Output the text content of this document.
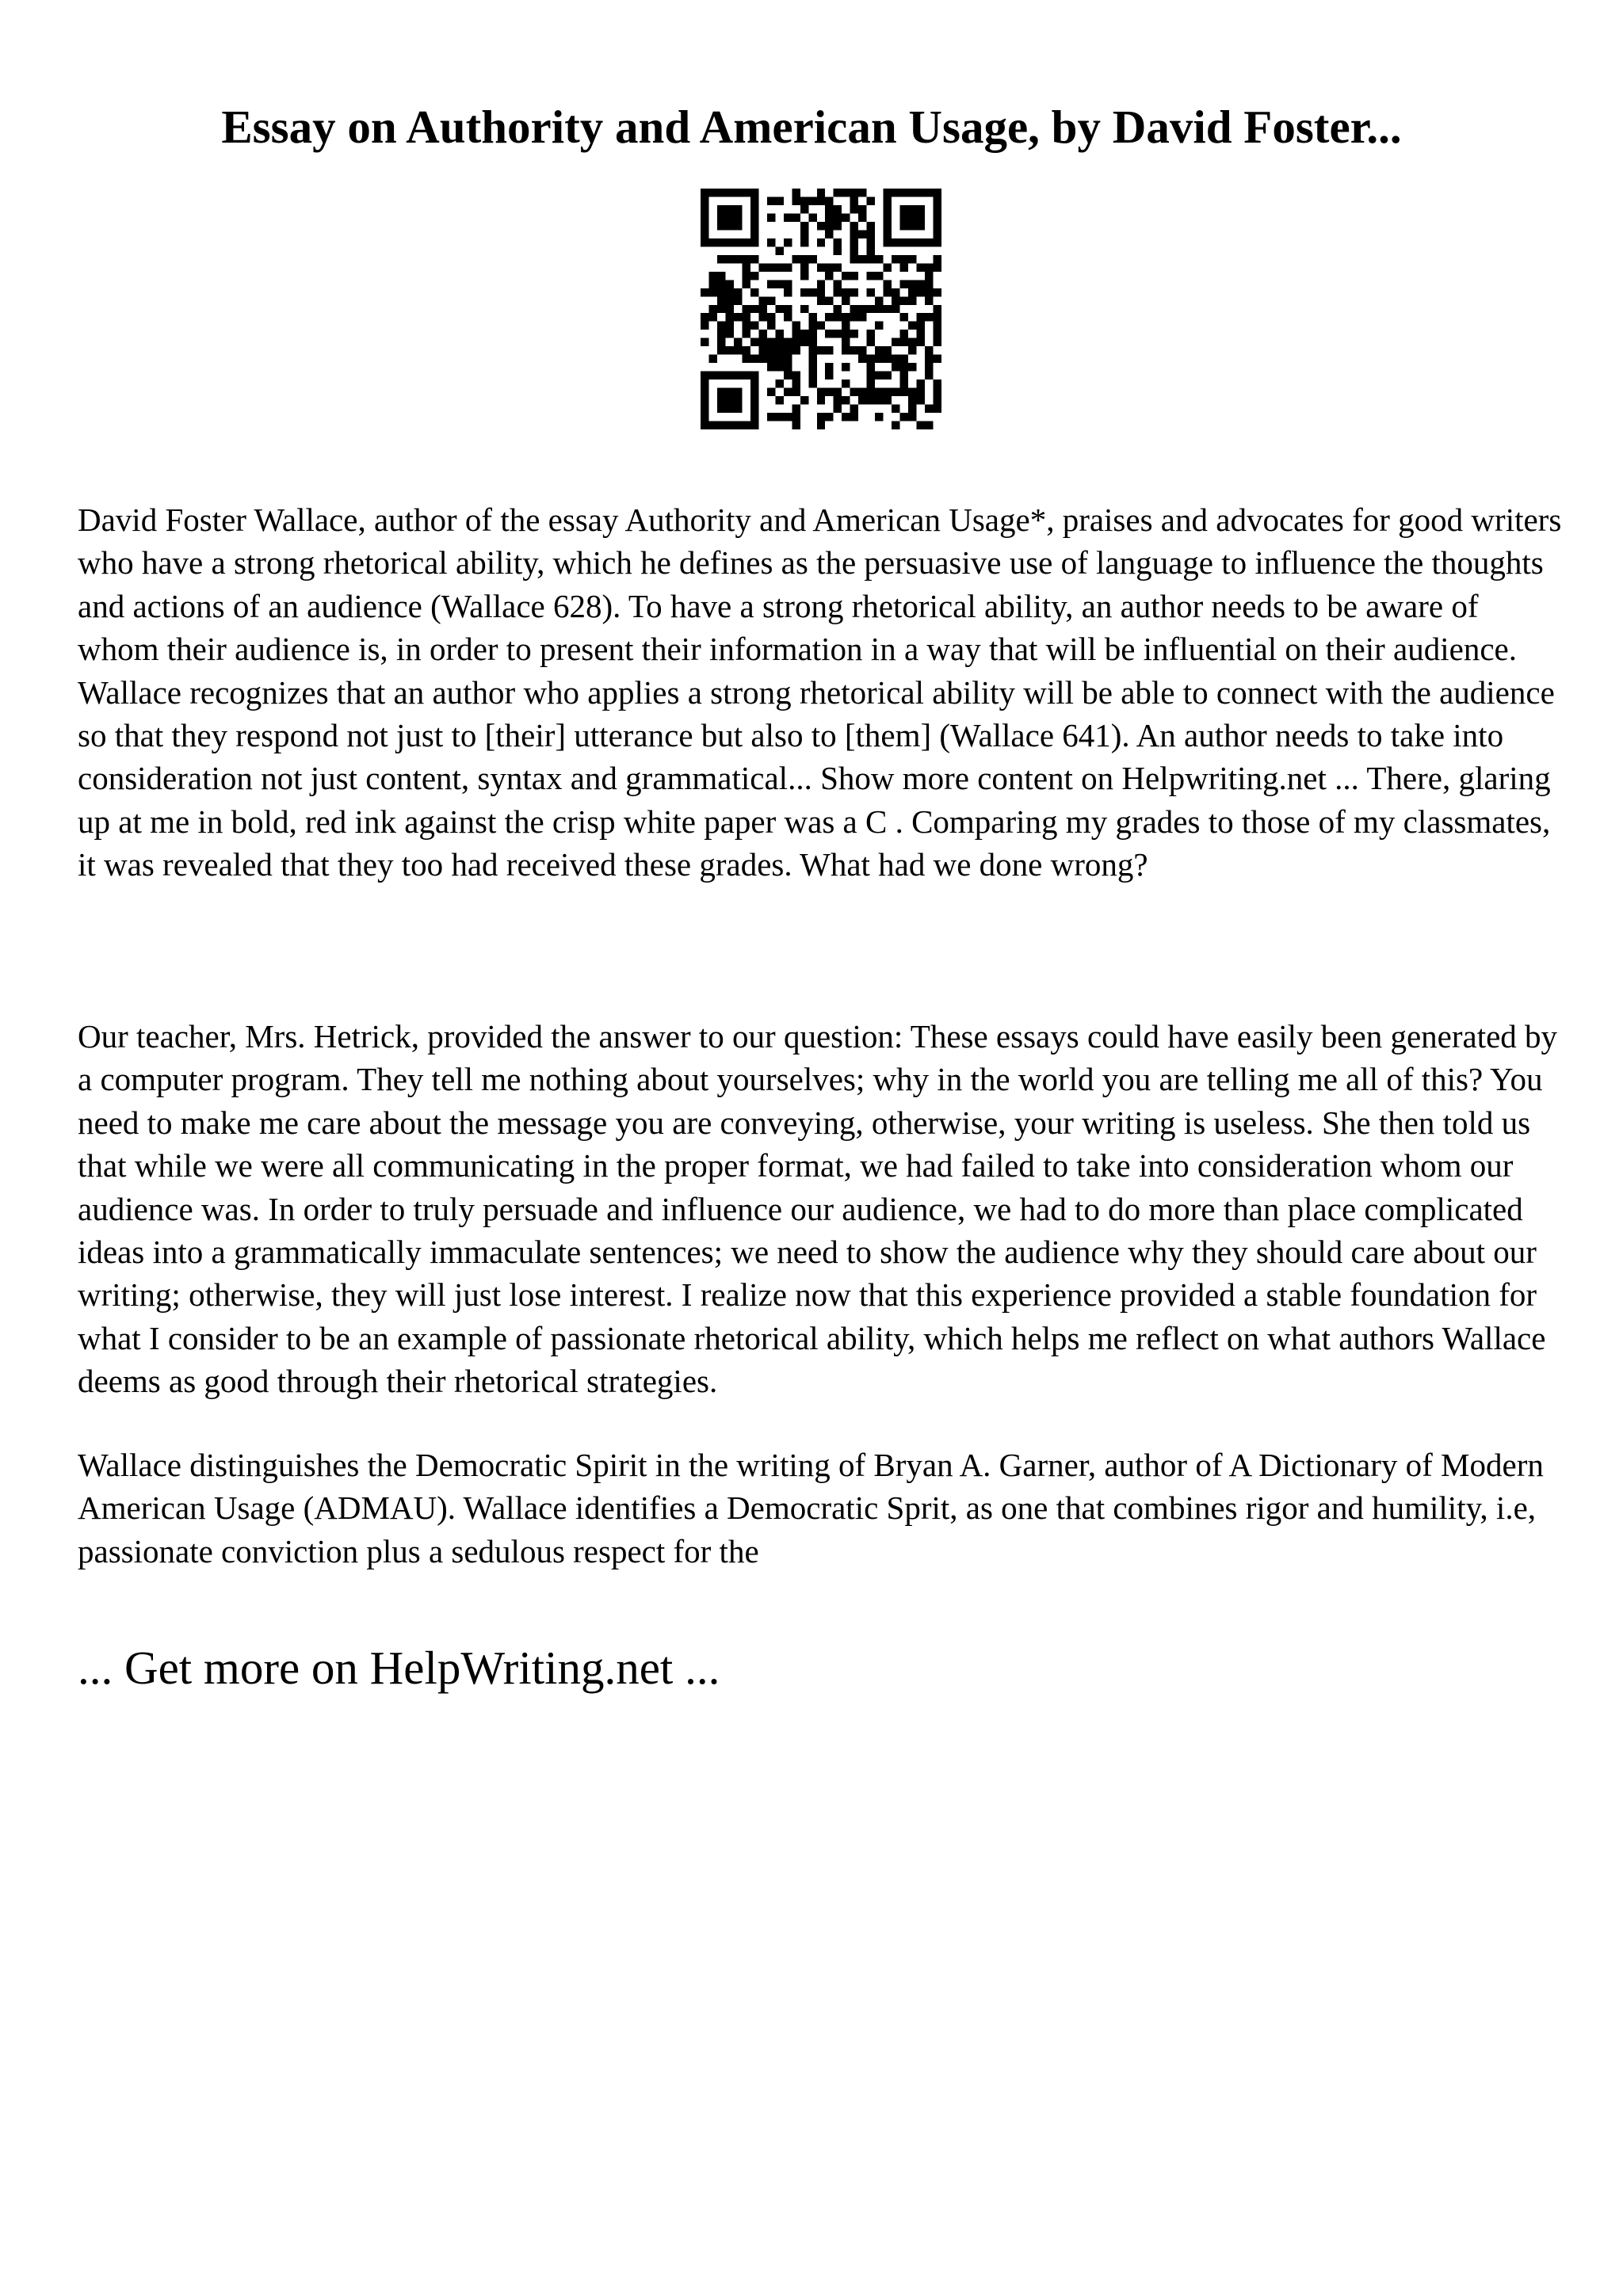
Essay on Authority and American Usage, by David Foster...

David Foster Wallace, author of the essay Authority and American Usage*, praises and advocates for good writers who have a strong rhetorical ability, which he defines as the persuasive use of language to influence the thoughts and actions of an audience (Wallace 628). To have a strong rhetorical ability, an author needs to be aware of whom their audience is, in order to present their information in a way that will be influential on their audience. Wallace recognizes that an author who applies a strong rhetorical ability will be able to connect with the audience so that they respond not just to [their] utterance but also to [them] (Wallace 641). An author needs to take into consideration not just content, syntax and grammatical... Show more content on Helpwriting.net ... There, glaring up at me in bold, red ink against the crisp white paper was a C . Comparing my grades to those of my classmates, it was revealed that they too had received these grades. What had we done wrong?

Our teacher, Mrs. Hetrick, provided the answer to our question: These essays could have easily been generated by a computer program. They tell me nothing about yourselves; why in the world you are telling me all of this? You need to make me care about the message you are conveying, otherwise, your writing is useless. She then told us that while we were all communicating in the proper format, we had failed to take into consideration whom our audience was. In order to truly persuade and influence our audience, we had to do more than place complicated ideas into a grammatically immaculate sentences; we need to show the audience why they should care about our writing; otherwise, they will just lose interest. I realize now that this experience provided a stable foundation for what I consider to be an example of passionate rhetorical ability, which helps me reflect on what authors Wallace deems as good through their rhetorical strategies.

Wallace distinguishes the Democratic Spirit in the writing of Bryan A. Garner, author of A Dictionary of Modern American Usage (ADMAU). Wallace identifies a Democratic Sprit, as one that combines rigor and humility, i.e, passionate conviction plus a sedulous respect for the

... Get more on HelpWriting.net ...
